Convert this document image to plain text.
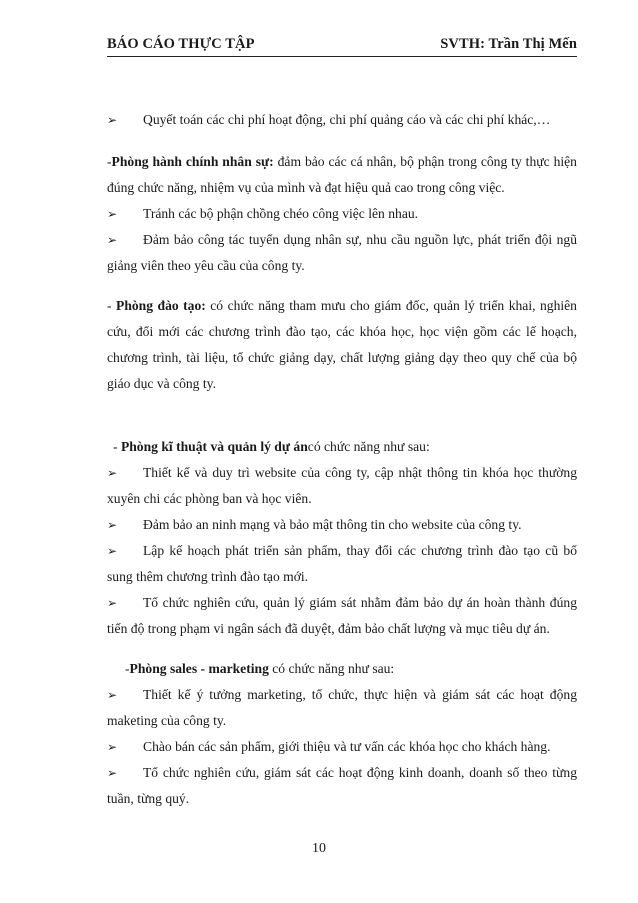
BÁO CÁO THỰC TẬP	SVTH: Trần Thị Mến
➢ Quyết toán các chi phí hoạt động, chi phí quảng cáo và các chi phí khác,…
-Phòng hành chính nhân sự: đảm bảo các cá nhân, bộ phận trong công ty thực hiện đúng chức năng, nhiệm vụ của mình và đạt hiệu quả cao trong công việc.
➢ Tránh các bộ phận chồng chéo công việc lên nhau.
➢ Đảm bảo công tác tuyển dụng nhân sự, nhu cầu nguồn lực, phát triển đội ngũ giảng viên theo yêu cầu của công ty.
- Phòng đào tạo: có chức năng tham mưu cho giám đốc, quản lý triển khai, nghiên cứu, đổi mới các chương trình đào tạo, các khóa học, học viện gồm các lế hoạch, chương trình, tài liệu, tổ chức giảng dạy, chất lượng giảng dạy theo quy chế của bộ giáo dục và công ty.
- Phòng kĩ thuật và quản lý dự áncó chức năng như sau:
➢ Thiết kế và duy trì website của công ty, cập nhật thông tin khóa học thường xuyên chi các phòng ban và học viên.
➢ Đảm bảo an ninh mạng và bảo mật thông tin cho website của công ty.
➢ Lập kế hoạch phát triển sản phẩm, thay đổi các chương trình đào tạo cũ bổ sung thêm chương trình đào tạo mới.
➢ Tổ chức nghiên cứu, quản lý giám sát nhằm đảm bảo dự án hoàn thành đúng tiến độ trong phạm vi ngân sách đã duyệt, đảm bảo chất lượng và mục tiêu dự án.
-Phòng sales - marketing có chức năng như sau:
➢ Thiết kế ý tưởng marketing, tổ chức, thực hiện và giám sát các hoạt động maketing của công ty.
➢ Chào bán các sản phẩm, giới thiệu và tư vấn các khóa học cho khách hàng.
➢ Tổ chức nghiên cứu, giám sát các hoạt động kinh doanh, doanh số theo từng tuần, từng quý.
10
